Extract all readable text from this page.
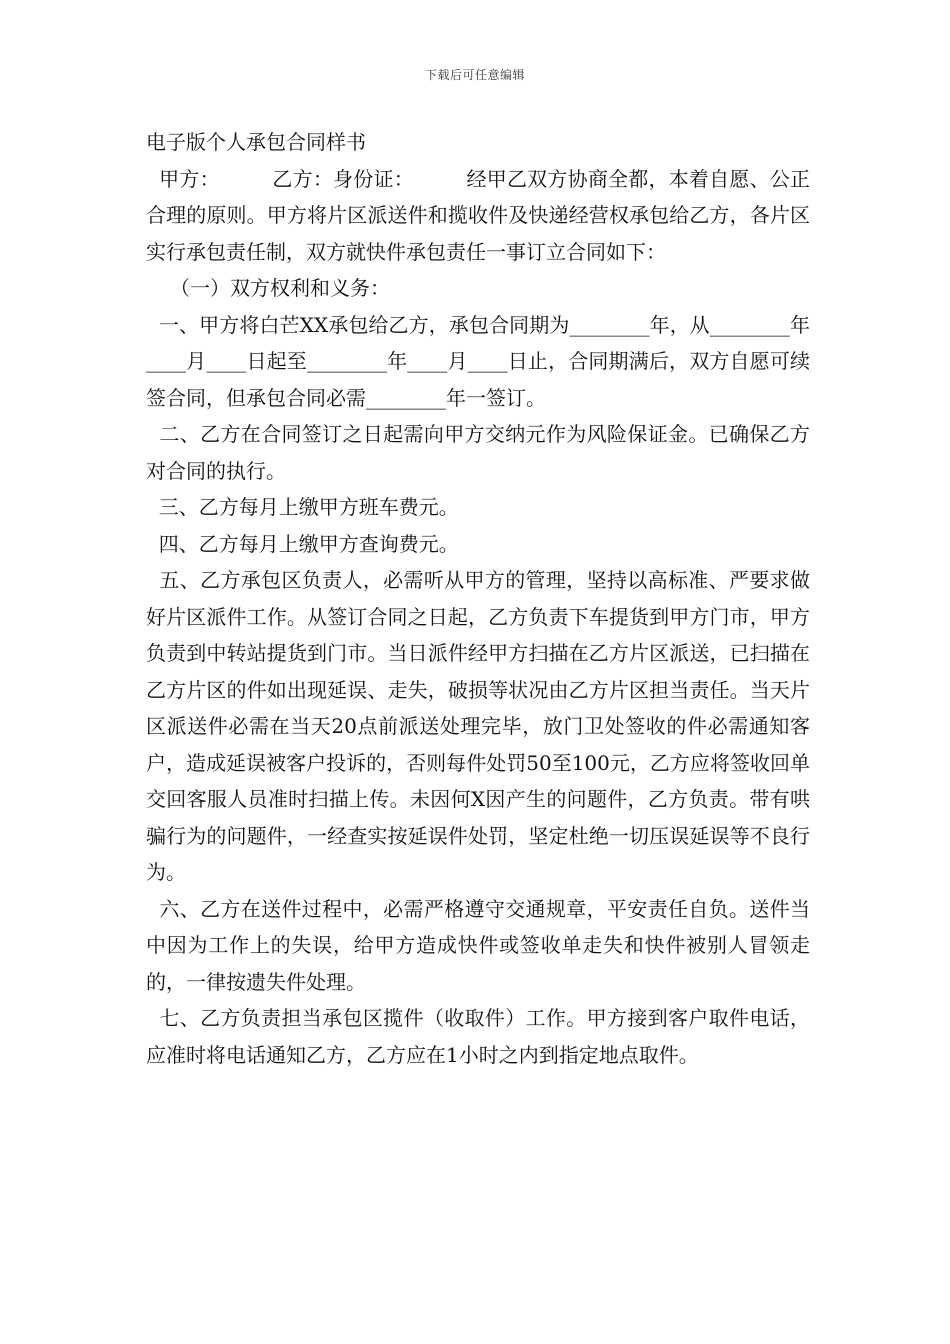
下载后可任意编辑
电子版个人承包合同样书

甲方：        乙方：身份证：        经甲乙双方协商全都，本着自愿、公正合理的原则。甲方将片区派送件和揽收件及快递经营权承包给乙方，各片区实行承包责任制，双方就快件承包责任一事订立合同如下：

（一）双方权利和义务：

一、甲方将白芒XX承包给乙方，承包合同期为________年，从________年____月____日起至________年____月____日止，合同期满后，双方自愿可续签合同，但承包合同必需________年一签订。

二、乙方在合同签订之日起需向甲方交纳元作为风险保证金。已确保乙方对合同的执行。

三、乙方每月上缴甲方班车费元。

四、乙方每月上缴甲方查询费元。

五、乙方承包区负责人，必需听从甲方的管理，坚持以高标准、严要求做好片区派件工作。从签订合同之日起，乙方负责下车提货到甲方门市，甲方负责到中转站提货到门市。当日派件经甲方扫描在乙方片区派送，已扫描在乙方片区的件如出现延误、走失，破损等状况由乙方片区担当责任。当天片区派送件必需在当天20点前派送处理完毕，放门卫处签收的件必需通知客户，造成延误被客户投诉的，否则每件处罚50至100元，乙方应将签收回单交回客服人员准时扫描上传。未因何X因产生的问题件，乙方负责。带有哄骗行为的问题件，一经查实按延误件处罚，坚定杜绝一切压误延误等不良行为。

六、乙方在送件过程中，必需严格遵守交通规章，平安责任自负。送件当中因为工作上的失误，给甲方造成快件或签收单走失和快件被别人冒领走的，一律按遗失件处理。

七、乙方负责担当承包区揽件（收取件）工作。甲方接到客户取件电话，应准时将电话通知乙方，乙方应在1小时之内到指定地点取件。
